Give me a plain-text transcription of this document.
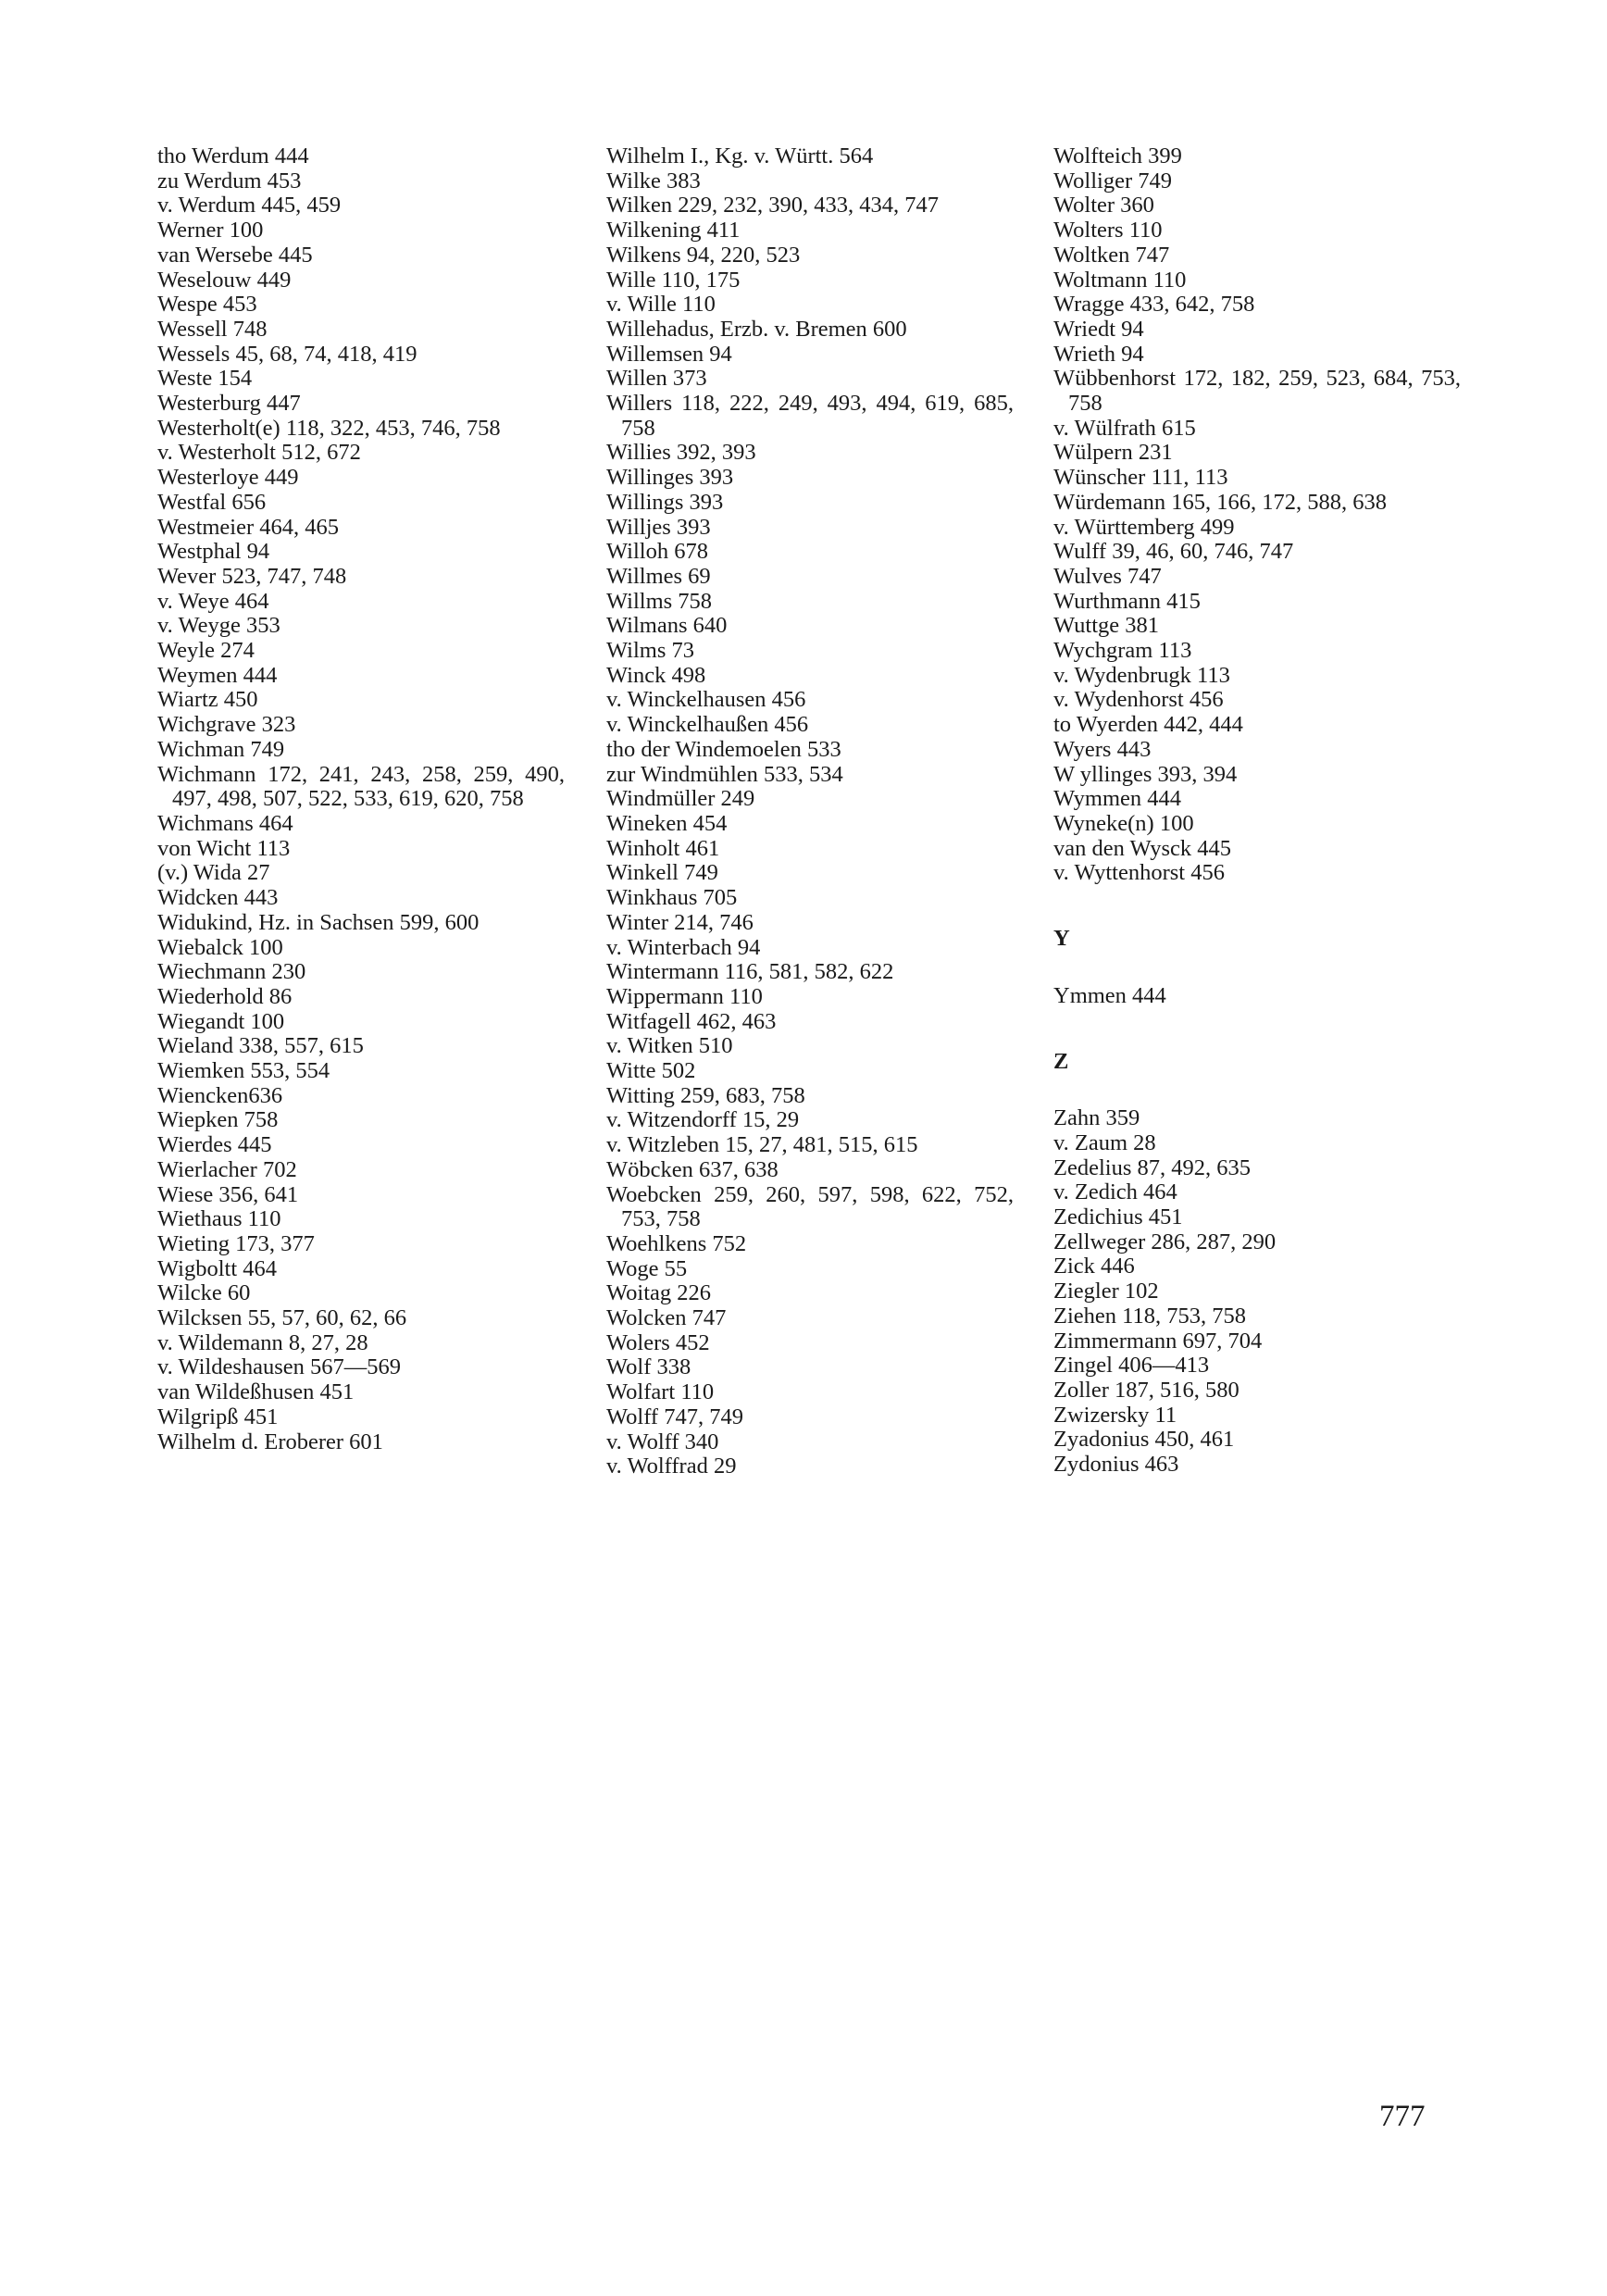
tho Werdum 444

zu Werdum 453

v. Werdum 445, 459

Werner 100

van Wersebe 445

Weselouw 449

Wespe 453

Wessell 748

Wessels 45, 68, 74, 418, 419

Weste 154

Westerburg 447

Westerholt(e) 118, 322, 453, 746, 758

v. Westerholt 512, 672

Westerloye 449

Westfal 656

Westmeier 464, 465

Westphal 94

Wever 523, 747, 748

v. Weye 464

v. Weyge 353

Weyle 274

Weymen 444

Wiartz 450

Wichgrave 323

Wichman 749

Wichmann 172, 241, 243, 258, 259, 490, 497, 498, 507, 522, 533, 619, 620, 758

Wichmans 464

von Wicht 113

(v.) Wida 27

Widcken 443

Widukind, Hz. in Sachsen 599, 600

Wiebalck 100

Wiechmann 230

Wiederhold 86

Wiegandt 100

Wieland 338, 557, 615

Wiemken 553, 554

Wiencken636

Wiepken 758

Wierdes 445

Wierlacher 702

Wiese 356, 641

Wiethaus 110

Wieting 173, 377

Wigboltt 464

Wilcke 60

Wilcksen 55, 57, 60, 62, 66

v. Wildemann 8, 27, 28

v. Wildeshausen 567—569

van Wildeßhusen 451

Wilgripß 451

Wilhelm d. Eroberer 601

Wilhelm I., Kg. v. Württ. 564

Wilke 383

Wilken 229, 232, 390, 433, 434, 747

Wilkening 411

Wilkens 94, 220, 523

Wille 110, 175

v. Wille 110

Willehadus, Erzb. v. Bremen 600

Willemsen 94

Willen 373

Willers 118, 222, 249, 493, 494, 619, 685, 758

Willies 392, 393

Willinges 393

Willings 393

Willjes 393

Willoh 678

Willmes 69

Willms 758

Wilmans 640

Wilms 73

Winck 498

v. Winckelhausen 456

v. Winckelhaußen 456

tho der Windemoelen 533

zur Windmühlen 533, 534

Windmüller 249

Wineken 454

Winholt 461

Winkell 749

Winkhaus 705

Winter 214, 746

v. Winterbach 94

Wintermann 116, 581, 582, 622

Wippermann 110

Witfagell 462, 463

v. Witken 510

Witte 502

Witting 259, 683, 758

v. Witzendorff 15, 29

v. Witzleben 15, 27, 481, 515, 615

Wöbcken 637, 638

Woebcken 259, 260, 597, 598, 622, 752, 753, 758

Woehlkens 752

Woge 55

Woitag 226

Wolcken 747

Wolers 452

Wolf 338

Wolfart 110

Wolff 747, 749

v. Wolff 340

v. Wolffrad 29

Wolfteich 399

Wolliger 749

Wolter 360

Wolters 110

Woltken 747

Woltmann 110

Wragge 433, 642, 758

Wriedt 94

Wrieth 94

Wübbenhorst 172, 182, 259, 523, 684, 753, 758

v. Wülfrath 615

Wülpern 231

Wünscher 111, 113

Würdemann 165, 166, 172, 588, 638

v. Württemberg 499

Wulff 39, 46, 60, 746, 747

Wulves 747

Wurthmann 415

Wuttge 381

Wychgram 113

v. Wydenbrugk 113

v. Wydenhorst 456

to Wyerden 442, 444

Wyers 443

W yllinges 393, 394

Wymmen 444

Wyneke(n) 100

van den Wysck 445

v. Wyttenhorst 456

Y

Ymmen 444

Z

Zahn 359

v. Zaum 28

Zedelius 87, 492, 635

v. Zedich 464

Zedichius 451

Zellweger 286, 287, 290

Zick 446

Ziegler 102

Ziehen 118, 753, 758

Zimmermann 697, 704

Zingel 406—413

Zoller 187, 516, 580

Zwizersky 11

Zyadonius 450, 461

Zydonius 463

777
